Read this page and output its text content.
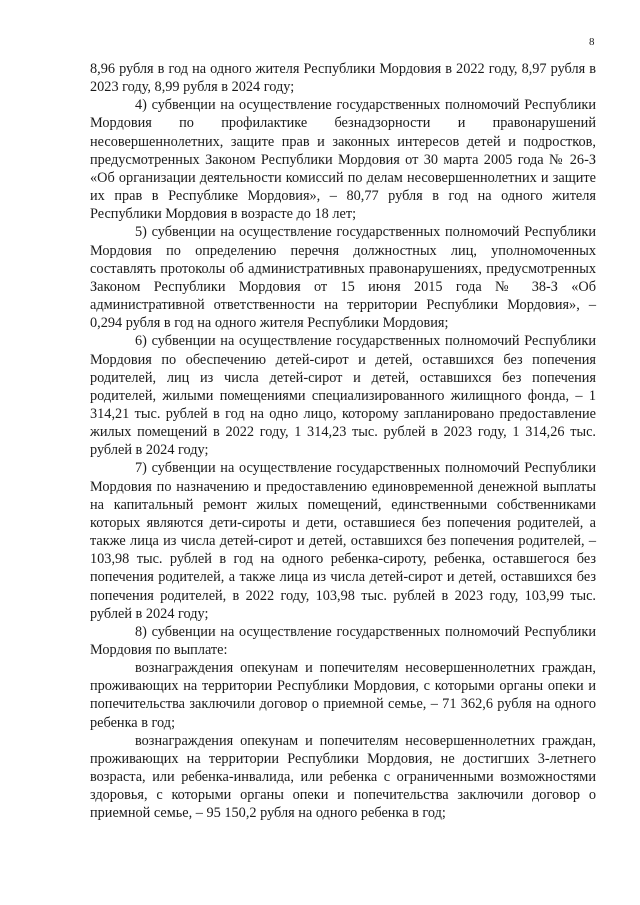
8

8,96 рубля в год на одного жителя Республики Мордовия в 2022 году, 8,97 рубля в 2023 году, 8,99 рубля в 2024 году;

4) субвенции на осуществление государственных полномочий Республики Мордовия по профилактике безнадзорности и правонарушений несовершеннолетних, защите прав и законных интересов детей и подростков, предусмотренных Законом Республики Мордовия от 30 марта 2005 года № 26-З «Об организации деятельности комиссий по делам несовершеннолетних и защите их прав в Республике Мордовия», – 80,77 рубля в год на одного жителя Республики Мордовия в возрасте до 18 лет;

5) субвенции на осуществление государственных полномочий Республики Мордовия по определению перечня должностных лиц, уполномоченных составлять протоколы об административных правонарушениях, предусмотренных Законом Республики Мордовия от 15 июня 2015 года № 38-З «Об административной ответственности на территории Республики Мордовия», – 0,294 рубля в год на одного жителя Республики Мордовия;

6) субвенции на осуществление государственных полномочий Республики Мордовия по обеспечению детей-сирот и детей, оставшихся без попечения родителей, лиц из числа детей-сирот и детей, оставшихся без попечения родителей, жилыми помещениями специализированного жилищного фонда, – 1 314,21 тыс. рублей в год на одно лицо, которому запланировано предоставление жилых помещений в 2022 году, 1 314,23 тыс. рублей в 2023 году, 1 314,26 тыс. рублей в 2024 году;

7) субвенции на осуществление государственных полномочий Республики Мордовия по назначению и предоставлению единовременной денежной выплаты на капитальный ремонт жилых помещений, единственными собственниками которых являются дети-сироты и дети, оставшиеся без попечения родителей, а также лица из числа детей-сирот и детей, оставшихся без попечения родителей, – 103,98 тыс. рублей в год на одного ребенка-сироту, ребенка, оставшегося без попечения родителей, а также лица из числа детей-сирот и детей, оставшихся без попечения родителей, в 2022 году, 103,98 тыс. рублей в 2023 году, 103,99 тыс. рублей в 2024 году;

8) субвенции на осуществление государственных полномочий Республики Мордовия по выплате:

вознаграждения опекунам и попечителям несовершеннолетних граждан, проживающих на территории Республики Мордовия, с которыми органы опеки и попечительства заключили договор о приемной семье, – 71 362,6 рубля на одного ребенка в год;

вознаграждения опекунам и попечителям несовершеннолетних граждан, проживающих на территории Республики Мордовия, не достигших 3-летнего возраста, или ребенка-инвалида, или ребенка с ограниченными возможностями здоровья, с которыми органы опеки и попечительства заключили договор о приемной семье, – 95 150,2 рубля на одного ребенка в год;
